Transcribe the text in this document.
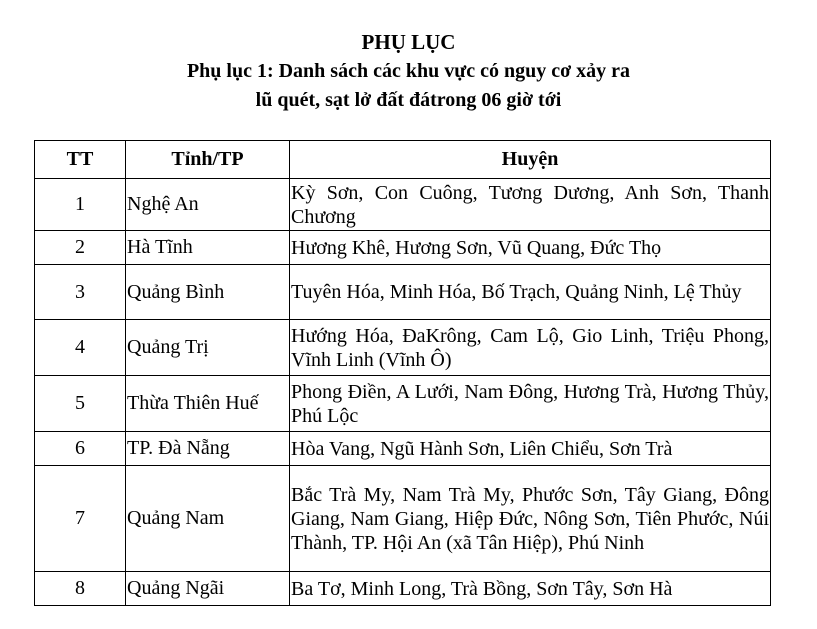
PHỤ LỤC
Phụ lục 1: Danh sách các khu vực có nguy cơ xảy ra
lũ quét, sạt lở đất đátrong 06 giờ tới
TT	Tỉnh/TP	Huyện
1	Nghệ An	Kỳ Sơn, Con Cuông, Tương Dương, Anh Sơn, Thanh Chương
2	Hà Tĩnh	Hương Khê, Hương Sơn, Vũ Quang, Đức Thọ
3	Quảng Bình	Tuyên Hóa, Minh Hóa, Bố Trạch, Quảng Ninh, Lệ Thủy
4	Quảng Trị	Hướng Hóa, ĐaKrông, Cam Lộ, Gio Linh, Triệu Phong, Vĩnh Linh (Vĩnh Ô)
5	Thừa Thiên Huế	Phong Điền, A Lưới, Nam Đông, Hương Trà, Hương Thủy, Phú Lộc
6	TP. Đà Nẵng	Hòa Vang, Ngũ Hành Sơn, Liên Chiểu, Sơn Trà
7	Quảng Nam	Bắc Trà My, Nam Trà My, Phước Sơn, Tây Giang, Đông Giang, Nam Giang, Hiệp Đức, Nông Sơn, Tiên Phước, Núi Thành, TP. Hội An (xã Tân Hiệp), Phú Ninh
8	Quảng Ngãi	Ba Tơ, Minh Long, Trà Bồng, Sơn Tây, Sơn Hà
